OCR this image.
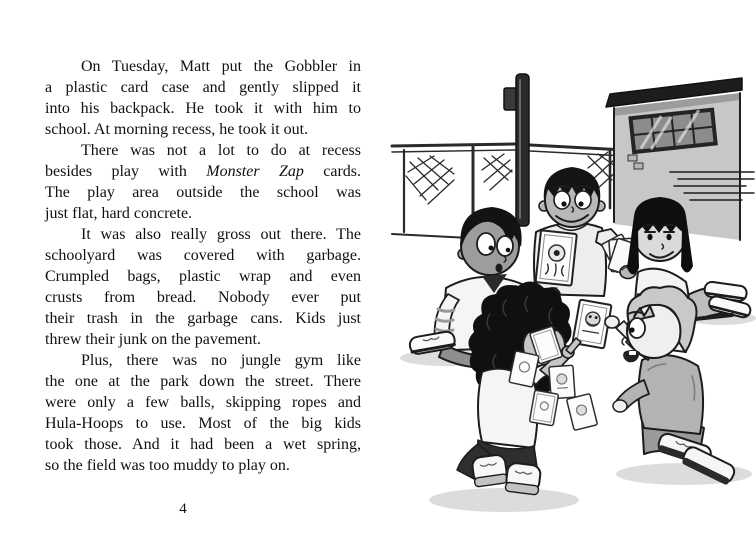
On Tuesday, Matt put the Gobbler in
a plastic card case and gently slipped it
into his backpack. He took it with him to
school. At morning recess, he took it out.
There was not a lot to do at recess
besides play with Monster Zap cards.
The play area outside the school was
just flat, hard concrete.
It was also really gross out there. The
schoolyard was covered with garbage.
Crumpled bags, plastic wrap and even
crusts from bread. Nobody ever put
their trash in the garbage cans. Kids just
threw their junk on the pavement.
Plus, there was no jungle gym like
the one at the park down the street. There
were only a few balls, skipping ropes and
Hula-Hoops to use. Most of the big kids
took those. And it had been a wet spring,
so the field was too muddy to play on.
4
